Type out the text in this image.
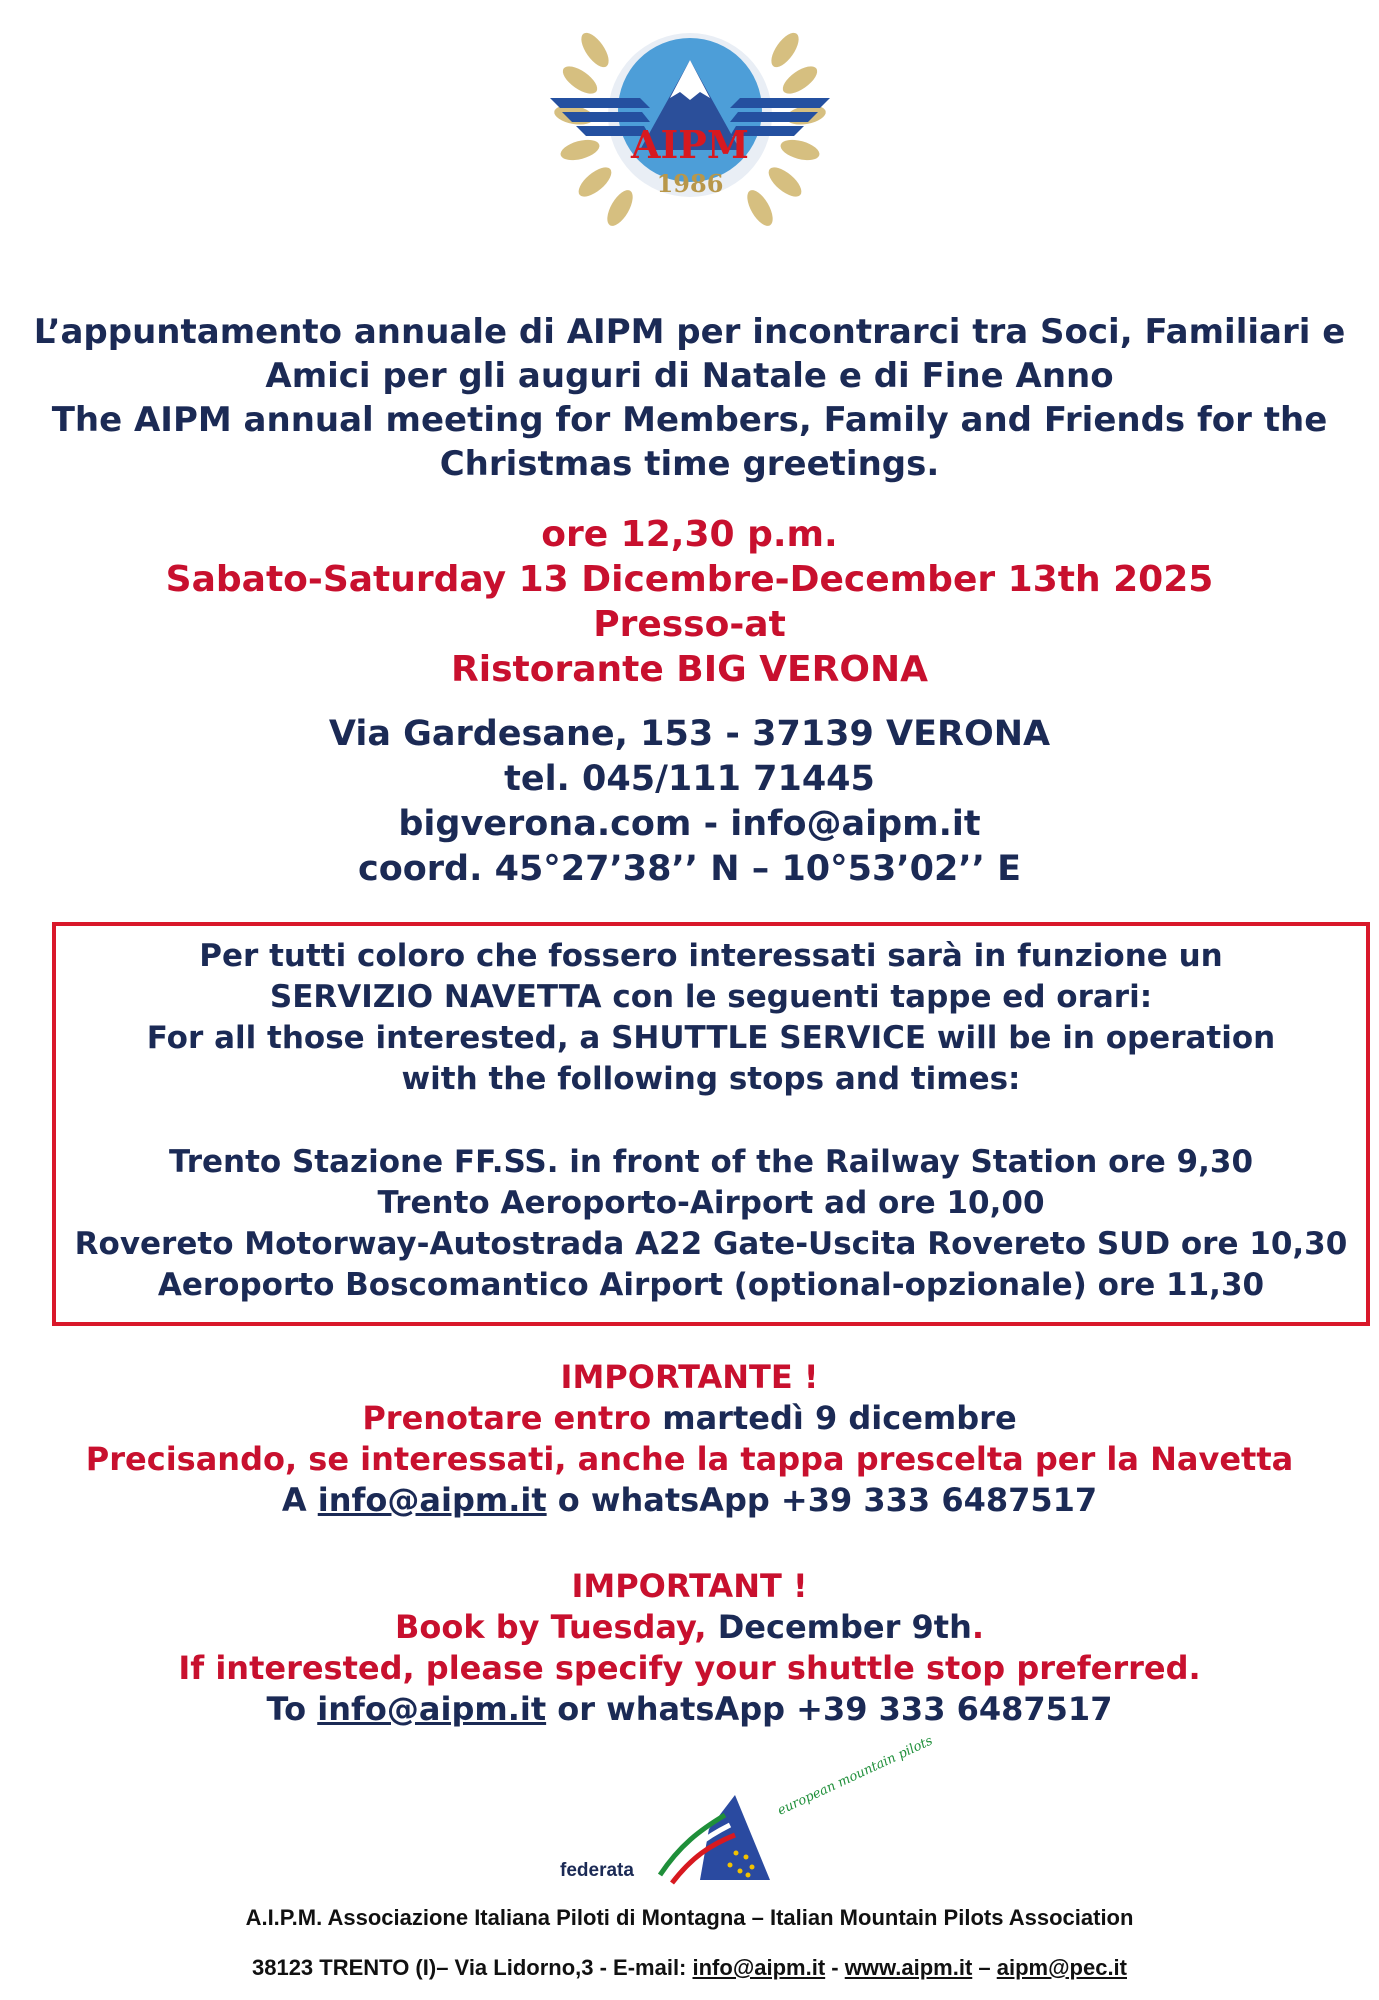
AIPM
1986
L’appuntamento annuale di AIPM per incontrarci tra Soci, Familiari e
Amici per gli auguri di Natale e di Fine Anno
The AIPM annual meeting for Members, Family and Friends for the
Christmas time greetings.
ore 12,30 p.m.
Sabato-Saturday 13 Dicembre-December 13th 2025
Presso-at
Ristorante BIG VERONA
Via Gardesane, 153 - 37139 VERONA
tel. 045/111 71445
bigverona.com - info@aipm.it
coord. 45°27’38’’ N – 10°53’02’’ E
Per tutti coloro che fossero interessati sarà in funzione un
SERVIZIO NAVETTA con le seguenti tappe ed orari:
For all those interested, a SHUTTLE SERVICE will be in operation
with the following stops and times:
Trento Stazione FF.SS. in front of the Railway Station ore 9,30
Trento Aeroporto-Airport ad ore 10,00
Rovereto Motorway-Autostrada A22 Gate-Uscita Rovereto SUD ore 10,30
Aeroporto Boscomantico Airport (optional-opzionale) ore 11,30
IMPORTANTE !
Prenotare entro martedì 9 dicembre
Precisando, se interessati, anche la tappa prescelta per la Navetta
A info@aipm.it o whatsApp +39 333 6487517
IMPORTANT !
Book by Tuesday, December 9th.
If interested, please specify your shuttle stop preferred.
To info@aipm.it or whatsApp +39 333 6487517
european mountain pilots
federata
A.I.P.M. Associazione Italiana Piloti di Montagna – Italian Mountain Pilots Association
38123 TRENTO (I)– Via Lidorno,3 - E-mail: info@aipm.it - www.aipm.it – aipm@pec.it
